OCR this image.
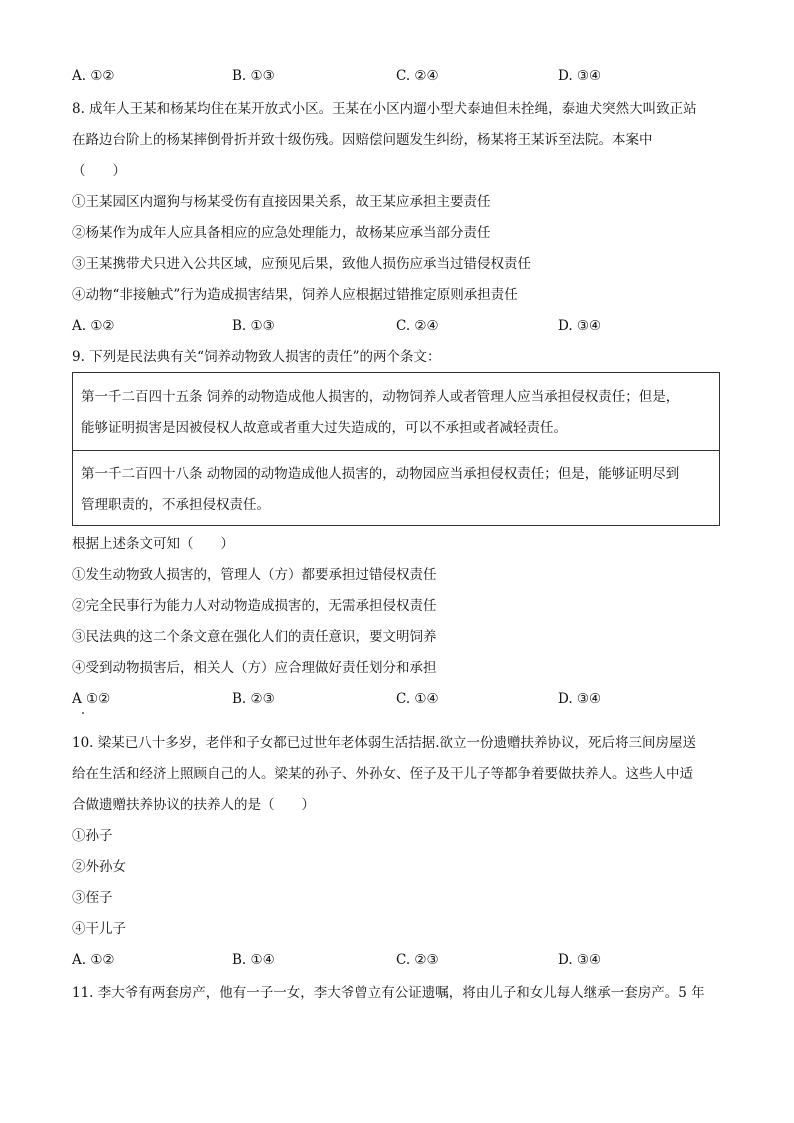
A. ①②	B. ①③	C. ②④	D. ③④
8. 成年人王某和杨某均住在某开放式小区。王某在小区内遛小型犬泰迪但未拴绳，泰迪犬突然大叫致正站
在路边台阶上的杨某摔倒骨折并致十级伤残。因赔偿问题发生纠纷，杨某将王某诉至法院。本案中
（　　）
①王某园区内遛狗与杨某受伤有直接因果关系，故王某应承担主要责任
②杨某作为成年人应具备相应的应急处理能力，故杨某应承当部分责任
③王某携带犬只进入公共区域，应预见后果，致他人损伤应承当过错侵权责任
④动物“非接触式”行为造成损害结果，饲养人应根据过错推定原则承担责任
A. ①②	B. ①③	C. ②④	D. ③④
9. 下列是民法典有关“饲养动物致人损害的责任”的两个条文：
第一千二百四十五条 饲养的动物造成他人损害的，动物饲养人或者管理人应当承担侵权责任；但是，
能够证明损害是因被侵权人故意或者重大过失造成的，可以不承担或者减轻责任。
第一千二百四十八条 动物园的动物造成他人损害的，动物园应当承担侵权责任；但是，能够证明尽到
管理职责的，不承担侵权责任。
根据上述条文可知（　　）
①发生动物致人损害的，管理人（方）都要承担过错侵权责任
②完全民事行为能力人对动物造成损害的，无需承担侵权责任
③民法典的这二个条文意在强化人们的责任意识，要文明饲养
④受到动物损害后，相关人（方）应合理做好责任划分和承担
A ①②	B. ②③	C. ①④	D. ③④
10. 梁某已八十多岁，老伴和子女都已过世年老体弱生活拮据.欲立一份遗赠扶养协议，死后将三间房屋送
给在生活和经济上照顾自己的人。梁某的孙子、外孙女、侄子及干儿子等都争着要做扶养人。这些人中适
合做遗赠扶养协议的扶养人的是（　　）
①孙子
②外孙女
③侄子
④干儿子
A. ①②	B. ①④	C. ②③	D. ③④
11. 李大爷有两套房产，他有一子一女，李大爷曾立有公证遗嘱，将由儿子和女儿每人继承一套房产。5 年
